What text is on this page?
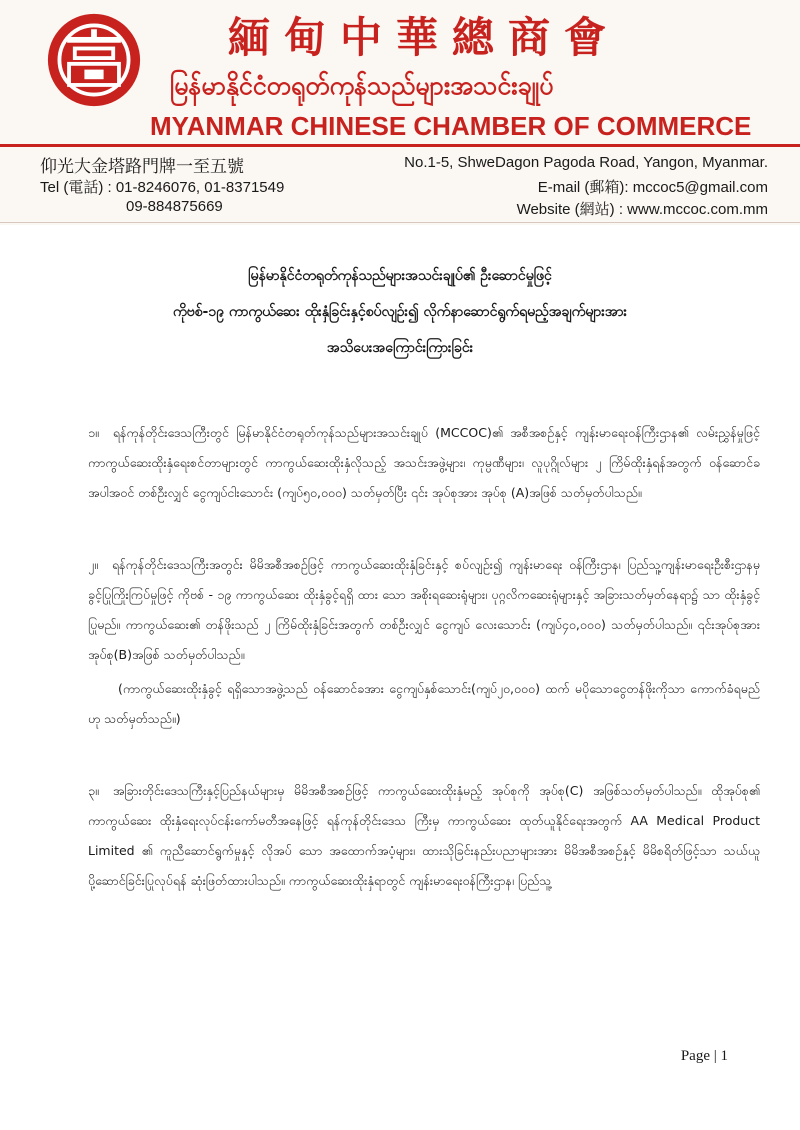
緬甸中華總商會
မြန်မာနိုင်ငံတရုတ်ကုန်သည်များအသင်းချုပ်
MYANMAR CHINESE CHAMBER OF COMMERCE
仰光大金塔路門牌一至五號
Tel (電話) : 01-8246076, 01-8371549
09-884875669
No.1-5, ShweDagon Pagoda Road, Yangon, Myanmar.
E-mail (郵箱): mccoc5@gmail.com
Website (網站) : www.mccoc.com.mm
မြန်မာနိုင်ငံတရုတ်ကုန်သည်များအသင်းချုပ်၏ ဦးဆောင်မှုဖြင့်
ကိုဗစ်-၁၉ ကာကွယ်ဆေး ထိုးနှံခြင်းနှင့်စပ်လျဉ်း၍ လိုက်နာဆောင်ရွက်ရမည့်အချက်များအား
အသိပေးအကြောင်းကြားခြင်း
၁။ ရန်ကုန်တိုင်းဒေသကြီးတွင် မြန်မာနိုင်ငံတရုတ်ကုန်သည်များအသင်းချုပ် (MCCOC)၏ အစီအစဉ်နှင့် ကျန်းမာရေးဝန်ကြီးဌာန၏ လမ်းညွှန်မှုဖြင့် ကာကွယ်ဆေးထိုးနှံရေးစင်တာများတွင် ကာကွယ်ဆေးထိုးနှံလိုသည့် အသင်းအဖွဲ့များ၊ ကုမ္ပဏီများ၊ လူပုဂ္ဂိုလ်များ ၂ ကြိမ်ထိုးနှံရန်အတွက် ဝန်ဆောင်ခ အပါအဝင် တစ်ဦးလျှင် ငွေကျပ်ငါးသောင်း (ကျပ်၅၀,၀၀၀) သတ်မှတ်ပြီး ၎င်း အုပ်စုအား အုပ်စု (A)အဖြစ် သတ်မှတ်ပါသည်။
၂။ ရန်ကုန်တိုင်းဒေသကြီးအတွင်း မိမိအစီအစဉ်ဖြင့် ကာကွယ်ဆေးထိုးနှံခြင်းနှင့် စပ်လျဉ်း၍ ကျန်းမာရေး ဝန်ကြီးဌာန၊ ပြည်သူ့ကျန်းမာရေးဦးစီးဌာနမှ ခွင့်ပြုကြိုးကြပ်မှုဖြင့် ကိုဗစ် - ၁၉ ကာကွယ်ဆေး ထိုးနှံခွင့်ရရှိ ထား သော အစိုးရဆေးရုံများ၊ ပုဂ္ဂလိကဆေးရုံများနှင့် အခြားသတ်မှတ်နေရာ၌ သာ ထိုးနှံခွင့်ပြုမည်။ ကာကွယ်ဆေး၏ တန်ဖိုးသည် ၂ ကြိမ်ထိုးနှံခြင်းအတွက် တစ်ဦးလျှင် ငွေကျပ် လေးသောင်း (ကျပ်၄၀,၀၀၀) သတ်မှတ်ပါသည်။ ၎င်းအုပ်စုအား အုပ်စု(B)အဖြစ် သတ်မှတ်ပါသည်။
(ကာကွယ်ဆေးထိုးနှံခွင့် ရရှိသောအဖွဲ့သည် ဝန်ဆောင်ခအား ငွေကျပ်နှစ်သောင်း(ကျပ်၂၀,၀၀၀) ထက် မပိုသောငွေတန်ဖိုးကိုသာ ကောက်ခံရမည်ဟု သတ်မှတ်သည်။)
၃။ အခြားတိုင်းဒေသကြီးနှင့်ပြည်နယ်များမှ မိမိအစီအစဉ်ဖြင့် ကာကွယ်ဆေးထိုးနှံမည့် အုပ်စုကို အုပ်စု(C) အဖြစ်သတ်မှတ်ပါသည်။ ထိုအုပ်စု၏ ကာကွယ်ဆေး ထိုးနှံရေးလုပ်ငန်းကော်မတီအနေဖြင့် ရန်ကုန်တိုင်းဒေသ ကြီးမှ ကာကွယ်ဆေး ထုတ်ယူနိုင်ရေးအတွက် AA Medical Product Limited ၏ ကူညီဆောင်ရွက်မှုနှင့် လိုအပ် သော အထောက်အပံ့များ၊ ထားသိုခြင်းနည်းပညာများအား မိမိအစီအစဉ်နှင့် မိမိစရိတ်ဖြင့်သာ သယ်ယူ ပို့ဆောင်ခြင်းပြုလုပ်ရန် ဆုံးဖြတ်ထားပါသည်။ ကာကွယ်ဆေးထိုးနှံရာတွင် ကျန်းမာရေးဝန်ကြီးဌာန၊ ပြည်သူ့
Page | 1
